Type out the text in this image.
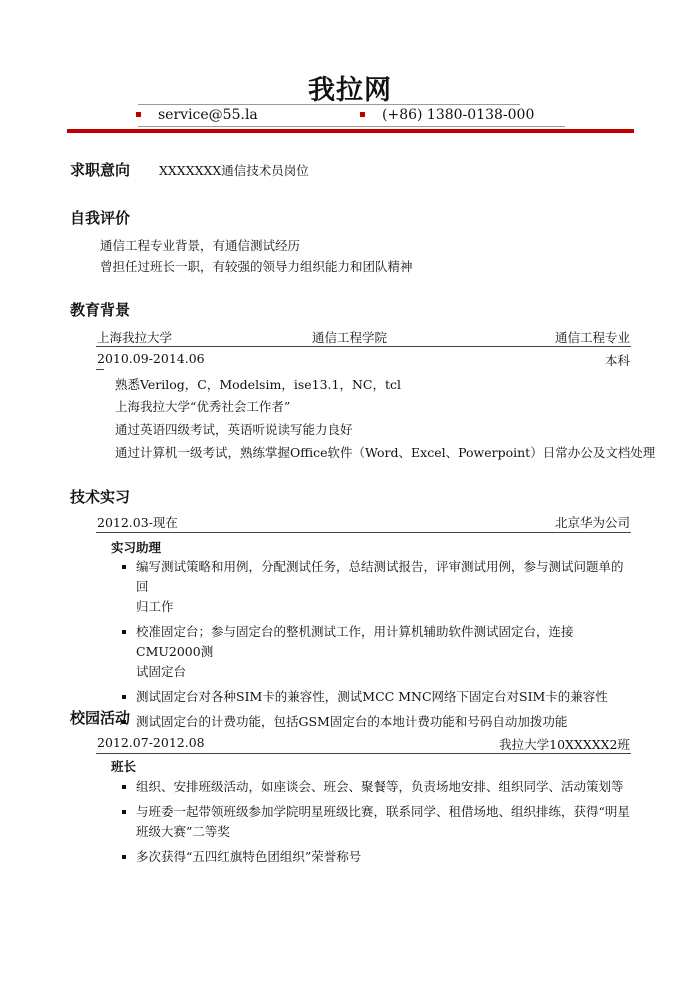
我拉网
service@55.la	(+86) 1380-0138-000
求职意向 XXXXXXX通信技术员岗位
自我评价
通信工程专业背景，有通信测试经历
曾担任过班长一职，有较强的领导力组织能力和团队精神
教育背景
上海我拉大学	通信工程学院	通信工程专业
2010.09-2014.06	本科
熟悉Verilog，C，Modelsim，ise13.1，NC，tcl
上海我拉大学“优秀社会工作者”
通过英语四级考试，英语听说读写能力良好
通过计算机一级考试，熟练掌握Office软件（Word、Excel、Powerpoint）日常办公及文档处理
技术实习
2012.03-现在	北京华为公司
实习助理
编写测试策略和用例，分配测试任务，总结测试报告，评审测试用例，参与测试问题单的回
归工作
校准固定台；参与固定台的整机测试工作，用计算机辅助软件测试固定台，连接CMU2000测
试固定台
测试固定台对各种SIM卡的兼容性，测试MCC MNC网络下固定台对SIM卡的兼容性
测试固定台的计费功能，包括GSM固定台的本地计费功能和号码自动加拨功能
校园活动
2012.07-2012.08	我拉大学10XXXXX2班
班长
组织、安排班级活动，如座谈会、班会、聚餐等，负责场地安排、组织同学、活动策划等
与班委一起带领班级参加学院明星班级比赛，联系同学、租借场地、组织排练，获得“明星
班级大赛”二等奖
多次获得“五四红旗特色团组织”荣誉称号
